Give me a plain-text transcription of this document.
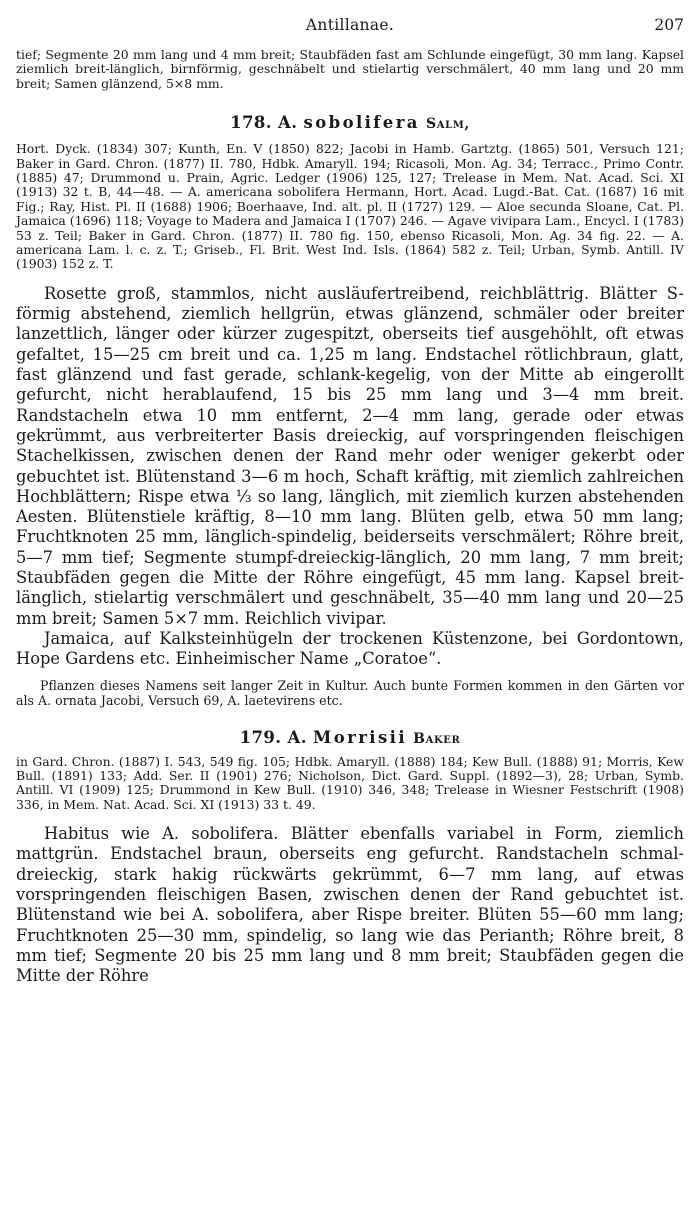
Antillanae.	207

tief; Segmente 20 mm lang und 4 mm breit; Staubfäden fast am Schlunde eingefügt, 30 mm lang. Kapsel ziemlich breit-länglich, birnförmig, geschnäbelt und stielartig verschmälert, 40 mm lang und 20 mm breit; Samen glänzend, 5×8 mm.

178. A. sobolifera Salm,

Hort. Dyck. (1834) 307; Kunth, En. V (1850) 822; Jacobi in Hamb. Gartztg. (1865) 501, Versuch 121; Baker in Gard. Chron. (1877) II. 780, Hdbk. Amaryll. 194; Ricasoli, Mon. Ag. 34; Terracc., Primo Contr. (1885) 47; Drummond u. Prain, Agric. Ledger (1906) 125, 127; Trelease in Mem. Nat. Acad. Sci. XI (1913) 32 t. B, 44—48. — A. americana sobolifera Hermann, Hort. Acad. Lugd.-Bat. Cat. (1687) 16 mit Fig.; Ray, Hist. Pl. II (1688) 1906; Boerhaave, Ind. alt. pl. II (1727) 129. — Aloe secunda Sloane, Cat. Pl. Jamaica (1696) 118; Voyage to Madera and Jamaica I (1707) 246. — Agave vivipara Lam., Encycl. I (1783) 53 z. Teil; Baker in Gard. Chron. (1877) II. 780 fig. 150, ebenso Ricasoli, Mon. Ag. 34 fig. 22. — A. americana Lam. l. c. z. T.; Griseb., Fl. Brit. West Ind. Isls. (1864) 582 z. Teil; Urban, Symb. Antill. IV (1903) 152 z. T.

Rosette groß, stammlos, nicht ausläufertreibend, reichblättrig. Blätter S-förmig abstehend, ziemlich hellgrün, etwas glänzend, schmäler oder breiter lanzettlich, länger oder kürzer zugespitzt, oberseits tief ausgehöhlt, oft etwas gefaltet, 15—25 cm breit und ca. 1,25 m lang. Endstachel rötlichbraun, glatt, fast glänzend und fast gerade, schlank-kegelig, von der Mitte ab eingerollt gefurcht, nicht herablaufend, 15 bis 25 mm lang und 3—4 mm breit. Randstacheln etwa 10 mm entfernt, 2—4 mm lang, gerade oder etwas gekrümmt, aus verbreiterter Basis dreieckig, auf vorspringenden fleischigen Stachelkissen, zwischen denen der Rand mehr oder weniger gekerbt oder gebuchtet ist. Blütenstand 3—6 m hoch, Schaft kräftig, mit ziemlich zahlreichen Hochblättern; Rispe etwa ⅓ so lang, länglich, mit ziemlich kurzen abstehenden Aesten. Blütenstiele kräftig, 8—10 mm lang. Blüten gelb, etwa 50 mm lang; Fruchtknoten 25 mm, länglich-spindelig, beiderseits verschmälert; Röhre breit, 5—7 mm tief; Segmente stumpf-dreieckig-länglich, 20 mm lang, 7 mm breit; Staubfäden gegen die Mitte der Röhre eingefügt, 45 mm lang. Kapsel breit-länglich, stielartig verschmälert und geschnäbelt, 35—40 mm lang und 20—25 mm breit; Samen 5×7 mm. Reichlich vivipar.

Jamaica, auf Kalksteinhügeln der trockenen Küstenzone, bei Gordontown, Hope Gardens etc. Einheimischer Name „Coratoe“.

Pflanzen dieses Namens seit langer Zeit in Kultur. Auch bunte Formen kommen in den Gärten vor als A. ornata Jacobi, Versuch 69, A. laetevirens etc.

179. A. Morrisii Baker

in Gard. Chron. (1887) I. 543, 549 fig. 105; Hdbk. Amaryll. (1888) 184; Kew Bull. (1888) 91; Morris, Kew Bull. (1891) 133; Add. Ser. II (1901) 276; Nicholson, Dict. Gard. Suppl. (1892—3), 28; Urban, Symb. Antill. VI (1909) 125; Drummond in Kew Bull. (1910) 346, 348; Trelease in Wiesner Festschrift (1908) 336, in Mem. Nat. Acad. Sci. XI (1913) 33 t. 49.

Habitus wie A. sobolifera. Blätter ebenfalls variabel in Form, ziemlich mattgrün. Endstachel braun, oberseits eng gefurcht. Randstacheln schmal-dreieckig, stark hakig rückwärts gekrümmt, 6—7 mm lang, auf etwas vorspringenden fleischigen Basen, zwischen denen der Rand gebuchtet ist. Blütenstand wie bei A. sobolifera, aber Rispe breiter. Blüten 55—60 mm lang; Fruchtknoten 25—30 mm, spindelig, so lang wie das Perianth; Röhre breit, 8 mm tief; Segmente 20 bis 25 mm lang und 8 mm breit; Staubfäden gegen die Mitte der Röhre
